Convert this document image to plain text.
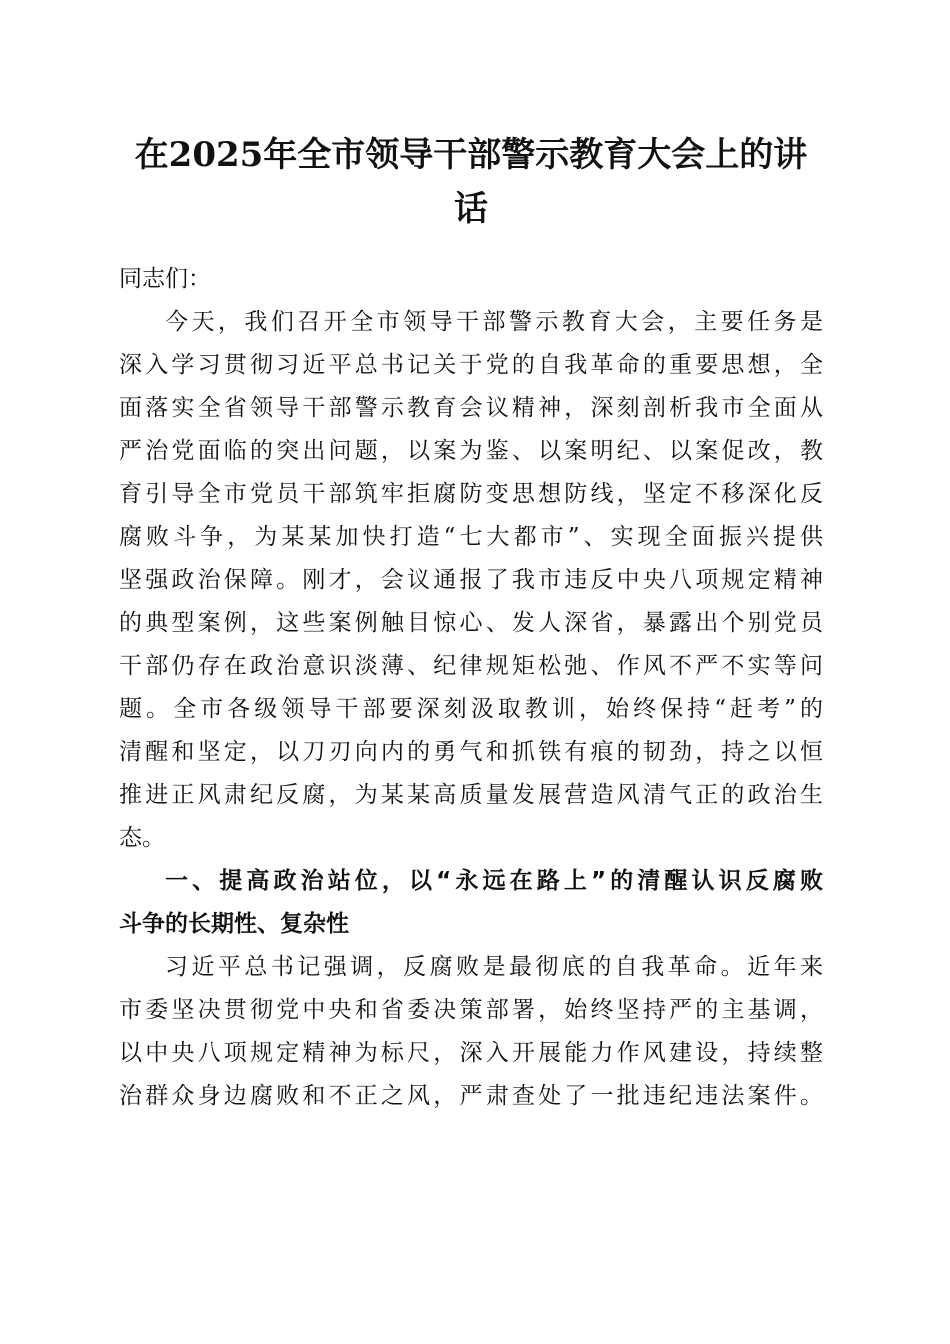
在2025年全市领导干部警示教育大会上的讲
话

同志们：

今天，我们召开全市领导干部警示教育大会，主要任务是
深入学习贯彻习近平总书记关于党的自我革命的重要思想，全
面落实全省领导干部警示教育会议精神，深刻剖析我市全面从
严治党面临的突出问题，以案为鉴、以案明纪、以案促改，教
育引导全市党员干部筑牢拒腐防变思想防线，坚定不移深化反
腐败斗争，为某某加快打造“七大都市”、实现全面振兴提供
坚强政治保障。刚才，会议通报了我市违反中央八项规定精神
的典型案例，这些案例触目惊心、发人深省，暴露出个别党员
干部仍存在政治意识淡薄、纪律规矩松弛、作风不严不实等问
题。全市各级领导干部要深刻汲取教训，始终保持“赶考”的
清醒和坚定，以刀刃向内的勇气和抓铁有痕的韧劲，持之以恒
推进正风肃纪反腐，为某某高质量发展营造风清气正的政治生
态。

一、提高政治站位，以“永远在路上”的清醒认识反腐败
斗争的长期性、复杂性

习近平总书记强调，反腐败是最彻底的自我革命。近年来
市委坚决贯彻党中央和省委决策部署，始终坚持严的主基调，
以中央八项规定精神为标尺，深入开展能力作风建设，持续整
治群众身边腐败和不正之风，严肃查处了一批违纪违法案件。
